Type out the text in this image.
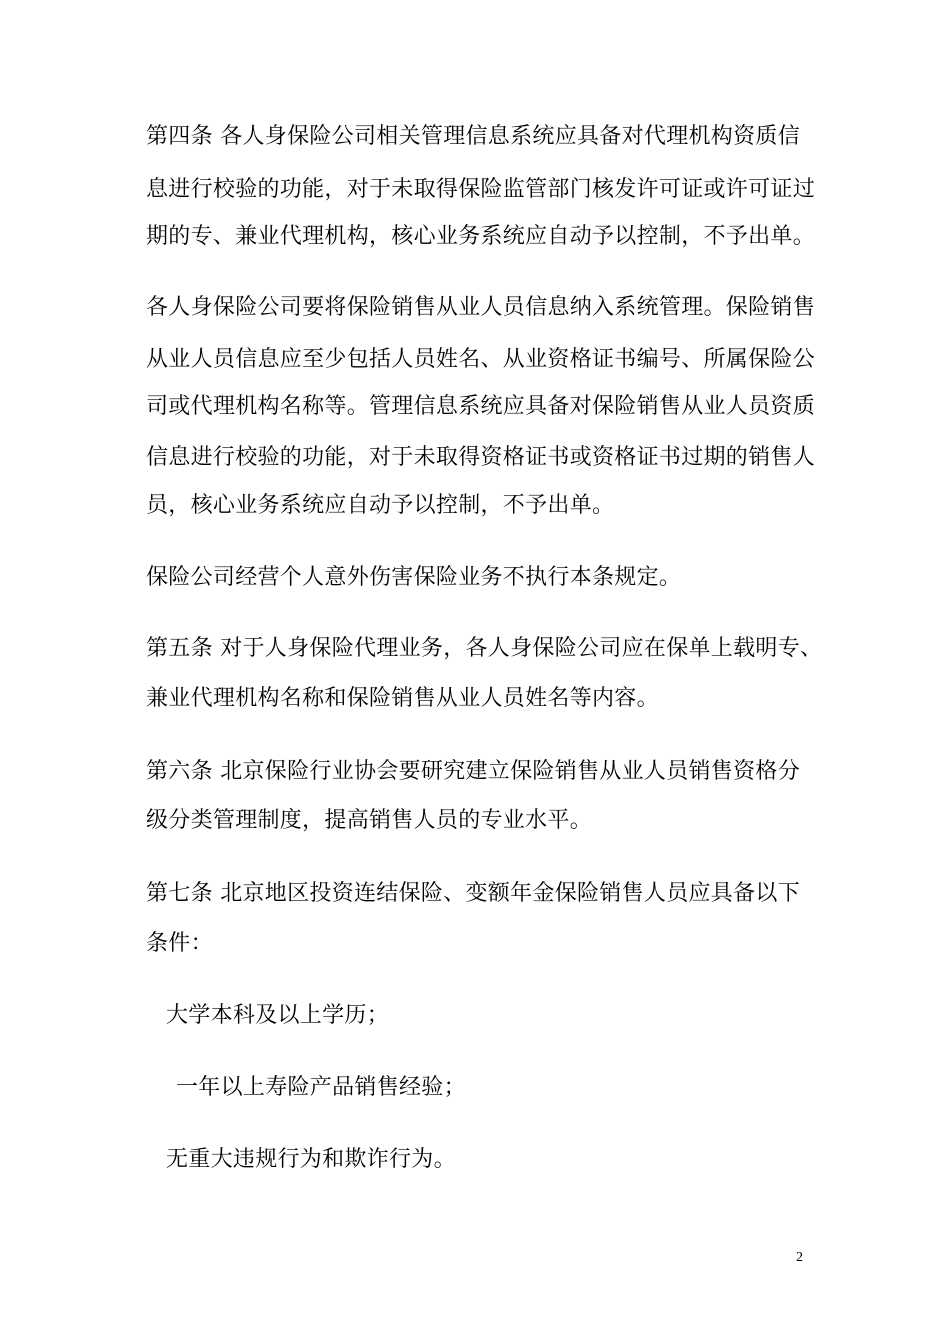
第四条 各人身保险公司相关管理信息系统应具备对代理机构资质信
息进行校验的功能，对于未取得保险监管部门核发许可证或许可证过
期的专、兼业代理机构，核心业务系统应自动予以控制，不予出单。
各人身保险公司要将保险销售从业人员信息纳入系统管理。保险销售
从业人员信息应至少包括人员姓名、从业资格证书编号、所属保险公
司或代理机构名称等。管理信息系统应具备对保险销售从业人员资质
信息进行校验的功能，对于未取得资格证书或资格证书过期的销售人
员，核心业务系统应自动予以控制，不予出单。
保险公司经营个人意外伤害保险业务不执行本条规定。
第五条 对于人身保险代理业务，各人身保险公司应在保单上载明专、
兼业代理机构名称和保险销售从业人员姓名等内容。
第六条 北京保险行业协会要研究建立保险销售从业人员销售资格分
级分类管理制度，提高销售人员的专业水平。
第七条 北京地区投资连结保险、变额年金保险销售人员应具备以下
条件：
大学本科及以上学历；
一年以上寿险产品销售经验；
无重大违规行为和欺诈行为。
2
